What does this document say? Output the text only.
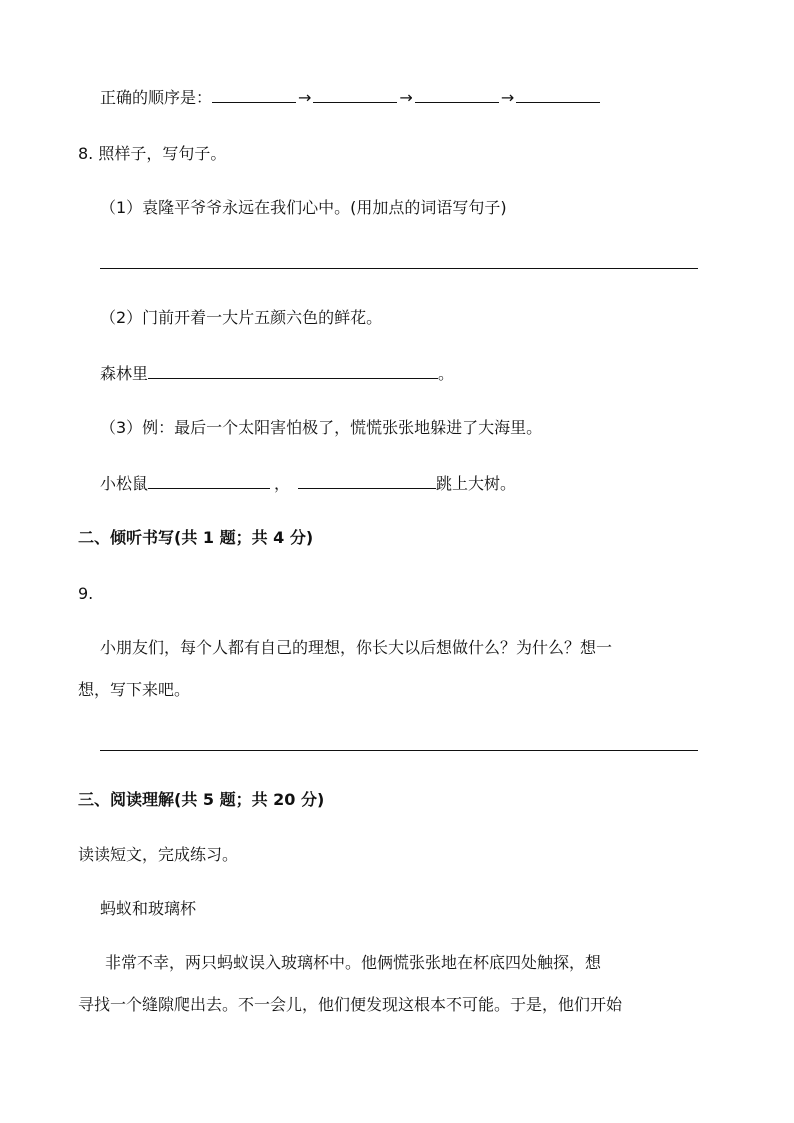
正确的顺序是：	→	→	→
8. 照样子，写句子。
（1）袁隆平爷爷永远在我们心中。(用加点的词语写句子)
（2）门前开着一大片五颜六色的鲜花。
森林里	。
（3）例：最后一个太阳害怕极了，慌慌张张地躲进了大海里。
小松鼠	，	跳上大树。
二、倾听书写(共 1 题；共 4 分)
9.
小朋友们，每个人都有自己的理想，你长大以后想做什么？为什么？想一
想，写下来吧。
三、阅读理解(共 5 题；共 20 分)
读读短文，完成练习。
蚂蚁和玻璃杯
非常不幸，两只蚂蚁误入玻璃杯中。他俩慌张张地在杯底四处触探，想
寻找一个缝隙爬出去。不一会儿，他们便发现这根本不可能。于是，他们开始
